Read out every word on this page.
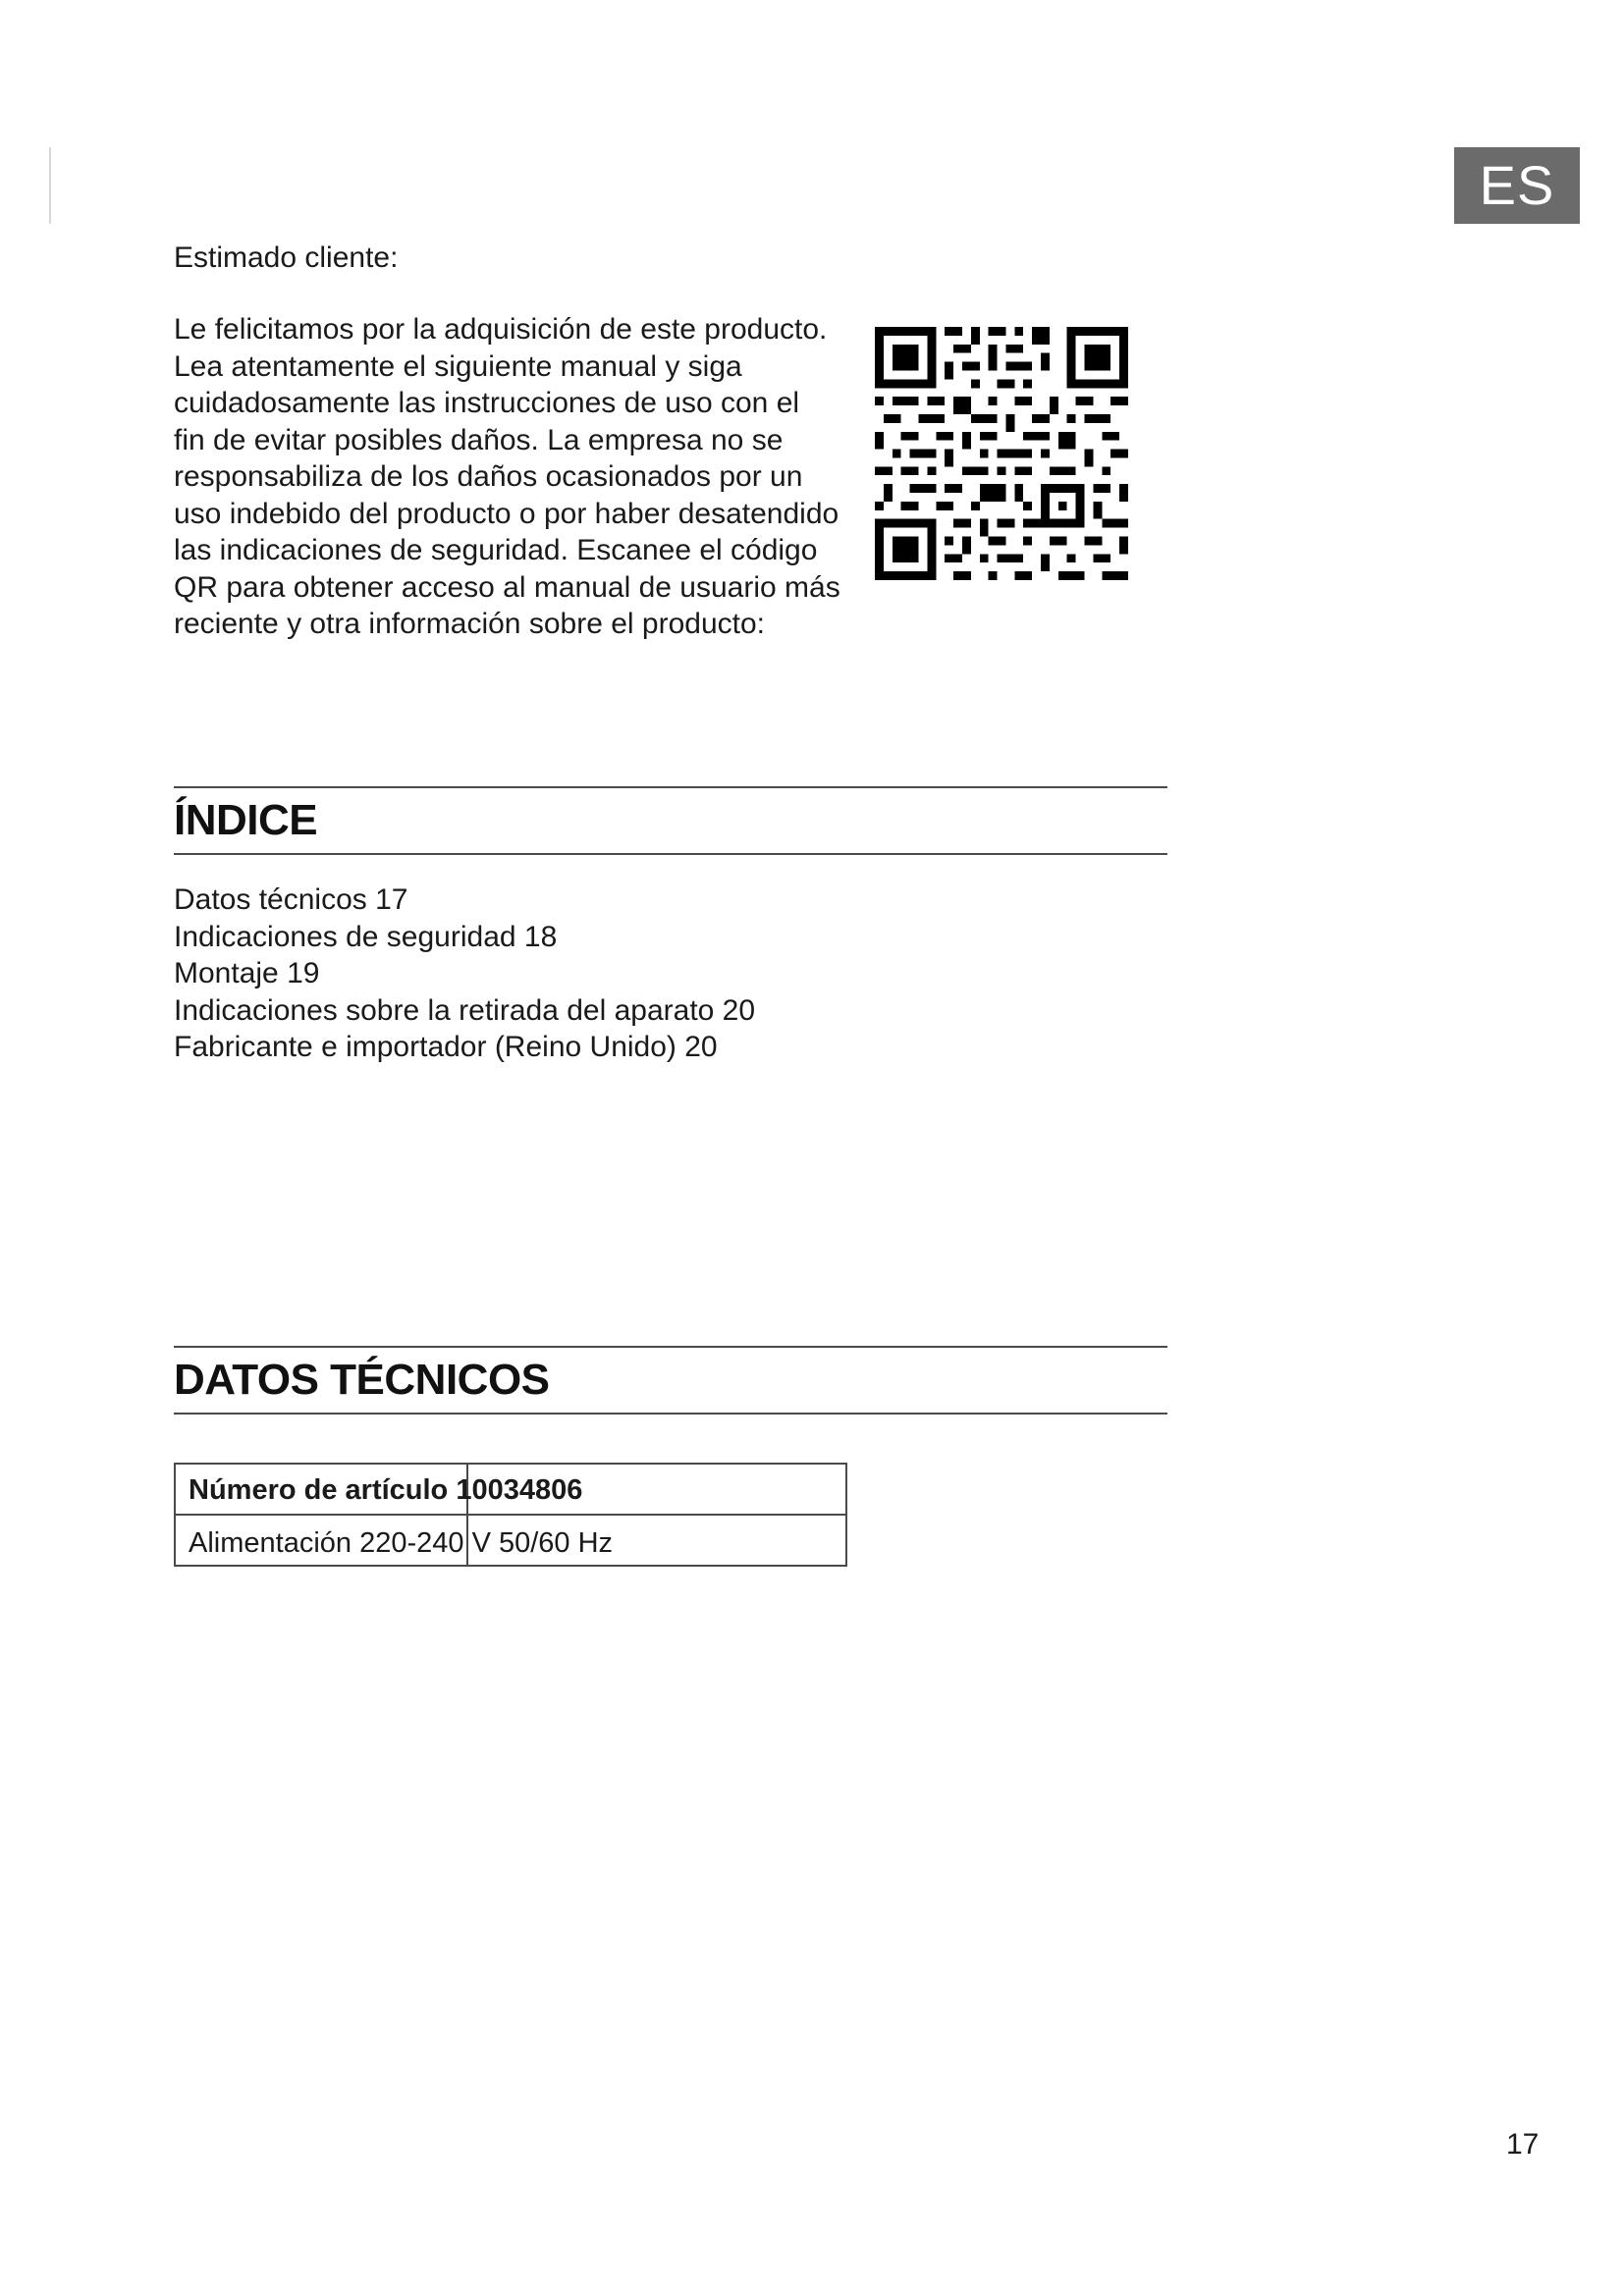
ES

Estimado cliente:

Le felicitamos por la adquisición de este producto.

Lea atentamente el siguiente manual y siga

cuidadosamente las instrucciones de uso con el

fin de evitar posibles daños. La empresa no se

responsabiliza de los daños ocasionados por un

uso indebido del producto o por haber desatendido

las indicaciones de seguridad. Escanee el código

QR para obtener acceso al manual de usuario más

reciente y otra información sobre el producto:

ÍNDICE
Datos técnicos 17
Indicaciones de seguridad 18
Montaje 19
Indicaciones sobre la retirada del aparato 20
Fabricante e importador (Reino Unido) 20
DATOS TÉCNICOS

Número de artículo 10034806
Alimentación 220-240 V 50/60 Hz
17
